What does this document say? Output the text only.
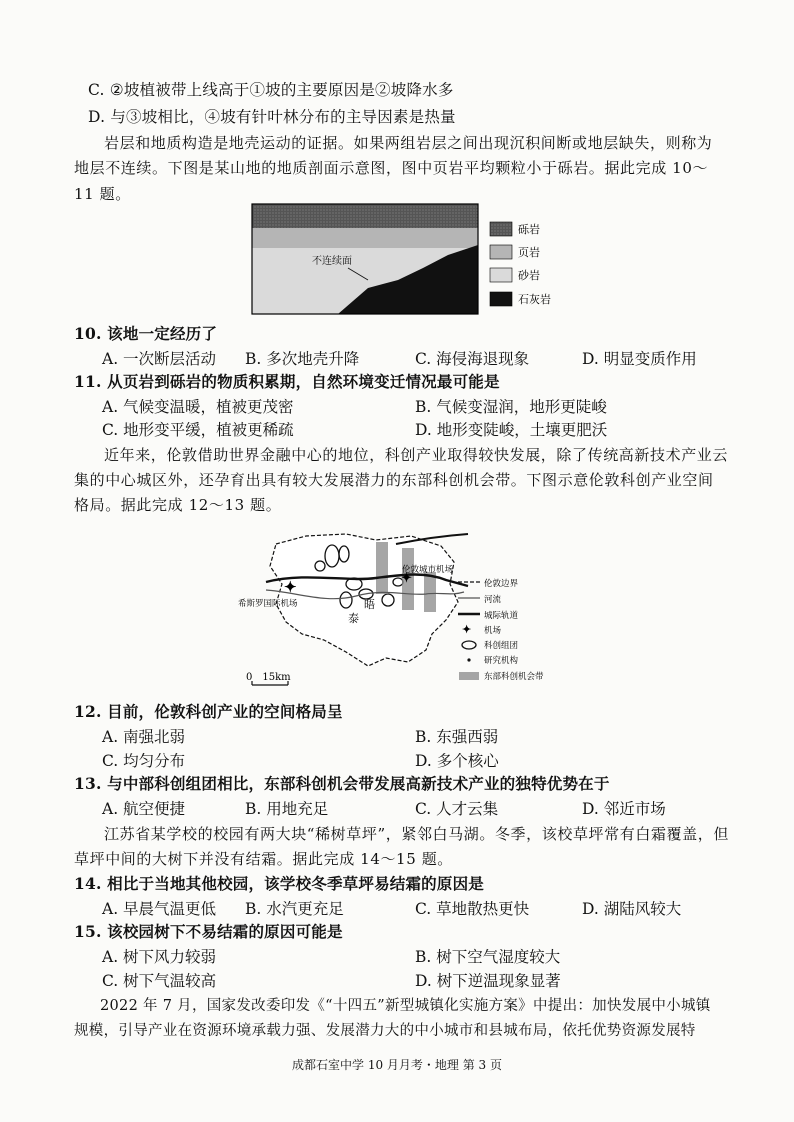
C. ②坡植被带上线高于①坡的主要原因是②坡降水多
D. 与③坡相比，④坡有针叶林分布的主导因素是热量
岩层和地质构造是地壳运动的证据。如果两组岩层之间出现沉积间断或地层缺失，则称为
地层不连续。下图是某山地的地质剖面示意图，图中页岩平均颗粒小于砾岩。据此完成 10～
11 题。
不连续面
砾岩
页岩
砂岩
石灰岩
10. 该地一定经历了
A. 一次断层活动 B. 多次地壳升降	C. 海侵海退现象	D. 明显变质作用
11. 从页岩到砾岩的物质积累期，自然环境变迁情况最可能是
A. 气候变温暖，植被更茂密	B. 气候变湿润，地形更陡峻
C. 地形变平缓，植被更稀疏	D. 地形变陡峻，土壤更肥沃
近年来，伦敦借助世界金融中心的地位，科创产业取得较快发展，除了传统高新技术产业云
集的中心城区外，还孕育出具有较大发展潜力的东部科创机会带。下图示意伦敦科创产业空间
格局。据此完成 12～13 题。
✦	✦
伦敦城市机场
希斯罗国际机场
泰
晤
0　15km
伦敦边界
河流
城际轨道
✦ 机场
科创组团
研究机构
东部科创机会带
12. 目前，伦敦科创产业的空间格局呈
A. 南强北弱	B. 东强西弱
C. 均匀分布	D. 多个核心
13. 与中部科创组团相比，东部科创机会带发展高新技术产业的独特优势在于
A. 航空便捷	B. 用地充足	C. 人才云集	D. 邻近市场
江苏省某学校的校园有两大块“稀树草坪”，紧邻白马湖。冬季，该校草坪常有白霜覆盖，但
草坪中间的大树下并没有结霜。据此完成 14～15 题。
14. 相比于当地其他校园，该学校冬季草坪易结霜的原因是
A. 早晨气温更低 B. 水汽更充足	C. 草地散热更快	D. 湖陆风较大
15. 该校园树下不易结霜的原因可能是
A. 树下风力较弱	B. 树下空气湿度较大
C. 树下气温较高	D. 树下逆温现象显著
2022 年 7 月，国家发改委印发《“十四五”新型城镇化实施方案》中提出：加快发展中小城镇
规模，引导产业在资源环境承载力强、发展潜力大的中小城市和县城布局，依托优势资源发展特
成都石室中学 10 月月考・地理 第 3 页
